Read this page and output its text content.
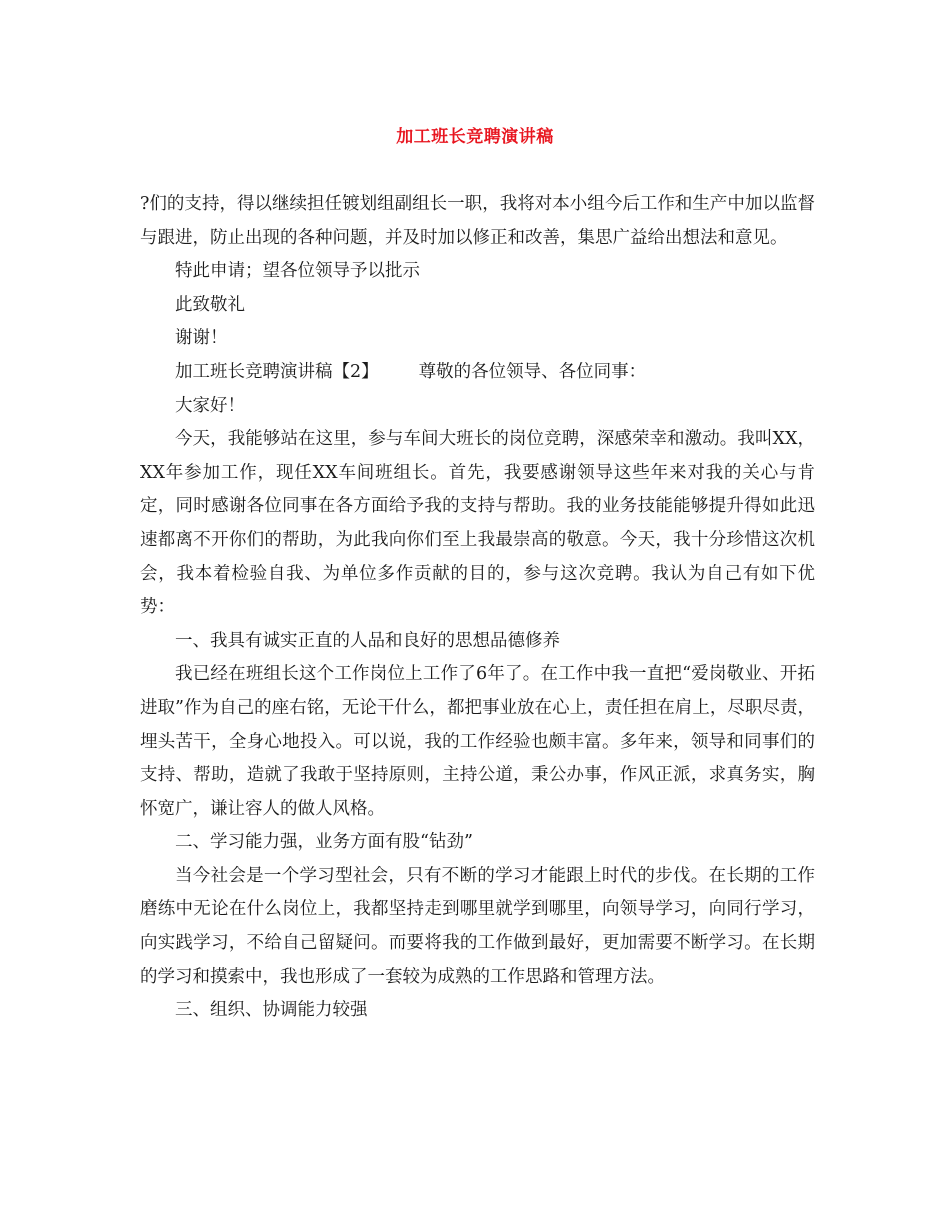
加工班长竞聘演讲稿

?们的支持，得以继续担任镀划组副组长一职，我将对本小组今后工作和生产中加以监督与跟进，防止出现的各种问题，并及时加以修正和改善，集思广益给出想法和意见。

特此申请；望各位领导予以批示

此致敬礼

谢谢！

加工班长竞聘演讲稿【2】 尊敬的各位领导、各位同事：

大家好！

今天，我能够站在这里，参与车间大班长的岗位竞聘，深感荣幸和激动。我叫XX，XX年参加工作，现任XX车间班组长。首先，我要感谢领导这些年来对我的关心与肯定，同时感谢各位同事在各方面给予我的支持与帮助。我的业务技能能够提升得如此迅速都离不开你们的帮助，为此我向你们至上我最崇高的敬意。今天，我十分珍惜这次机会，我本着检验自我、为单位多作贡献的目的，参与这次竞聘。我认为自己有如下优势：

一、我具有诚实正直的人品和良好的思想品德修养

我已经在班组长这个工作岗位上工作了6年了。在工作中我一直把“爱岗敬业、开拓进取”作为自己的座右铭，无论干什么，都把事业放在心上，责任担在肩上，尽职尽责，埋头苦干，全身心地投入。可以说，我的工作经验也颇丰富。多年来，领导和同事们的支持、帮助，造就了我敢于坚持原则，主持公道，秉公办事，作风正派，求真务实，胸怀宽广，谦让容人的做人风格。

二、学习能力强，业务方面有股“钻劲”

当今社会是一个学习型社会，只有不断的学习才能跟上时代的步伐。在长期的工作磨练中无论在什么岗位上，我都坚持走到哪里就学到哪里，向领导学习，向同行学习，向实践学习，不给自己留疑问。而要将我的工作做到最好，更加需要不断学习。在长期的学习和摸索中，我也形成了一套较为成熟的工作思路和管理方法。

三、组织、协调能力较强
